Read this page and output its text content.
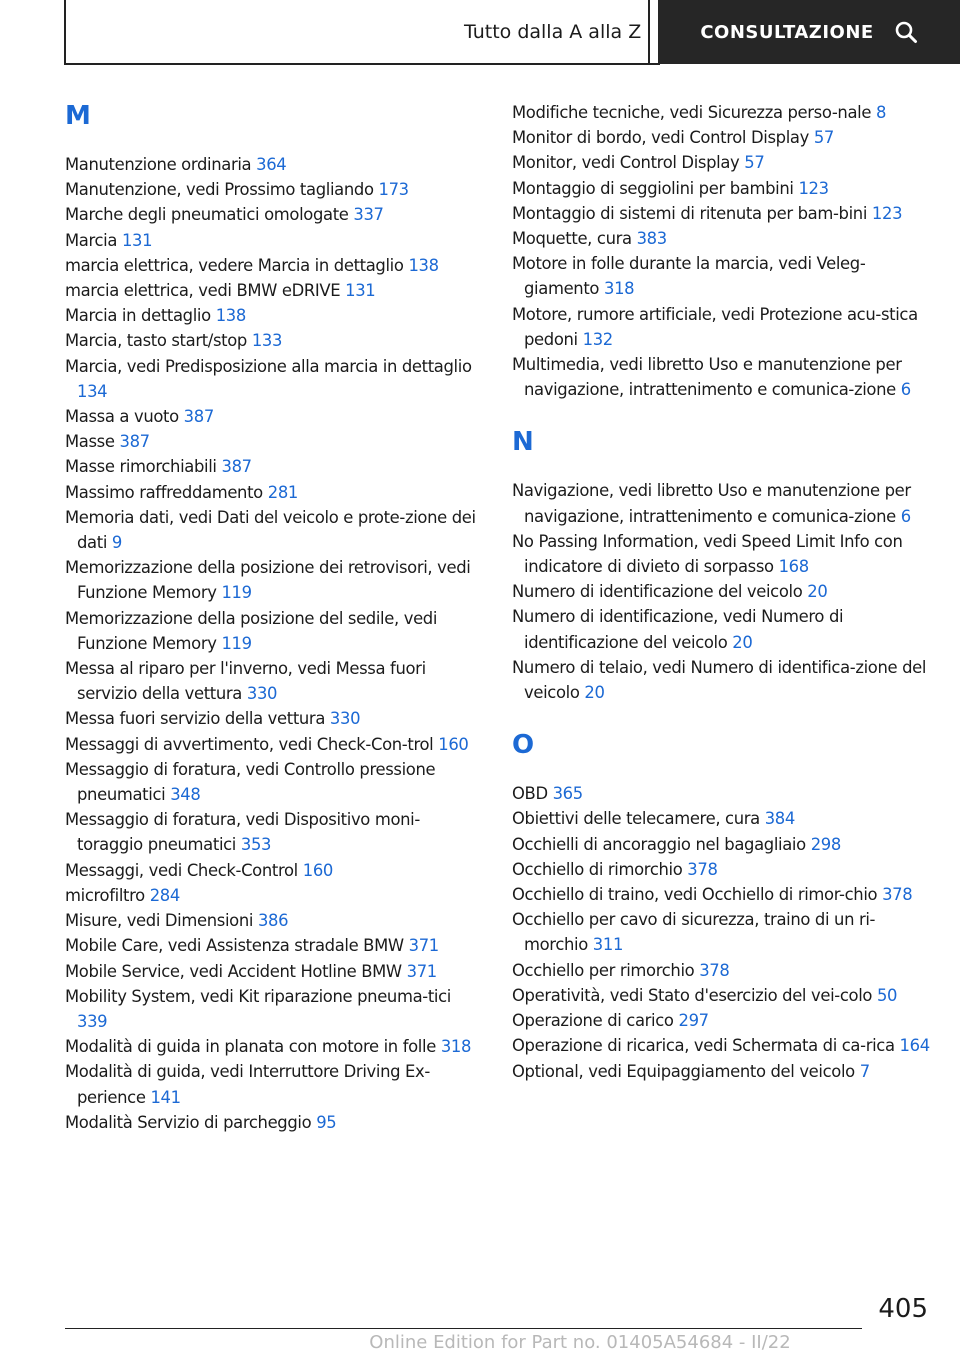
Tutto dalla A alla Z	CONSULTAZIONE
M
Manutenzione ordinaria 364
Manutenzione, vedi Prossimo tagliando 173
Marche degli pneumatici omologate 337
Marcia 131
marcia elettrica, vedere Marcia in dettaglio 138
marcia elettrica, vedi BMW eDRIVE 131
Marcia in dettaglio 138
Marcia, tasto start/stop 133
Marcia, vedi Predisposizione alla marcia in dettaglio 134
Massa a vuoto 387
Masse 387
Masse rimorchiabili 387
Massimo raffreddamento 281
Memoria dati, vedi Dati del veicolo e prote-zione dei dati 9
Memorizzazione della posizione dei retrovisori, vedi Funzione Memory 119
Memorizzazione della posizione del sedile, vedi Funzione Memory 119
Messa al riparo per l'inverno, vedi Messa fuori servizio della vettura 330
Messa fuori servizio della vettura 330
Messaggi di avvertimento, vedi Check-Con-trol 160
Messaggio di foratura, vedi Controllo pressione pneumatici 348
Messaggio di foratura, vedi Dispositivo moni-toraggio pneumatici 353
Messaggi, vedi Check-Control 160
microfiltro 284
Misure, vedi Dimensioni 386
Mobile Care, vedi Assistenza stradale BMW 371
Mobile Service, vedi Accident Hotline BMW 371
Mobility System, vedi Kit riparazione pneuma-tici 339
Modalità di guida in planata con motore in folle 318
Modalità di guida, vedi Interruttore Driving Ex-perience 141
Modalità Servizio di parcheggio 95
Modifiche tecniche, vedi Sicurezza perso-nale 8
Monitor di bordo, vedi Control Display 57
Monitor, vedi Control Display 57
Montaggio di seggiolini per bambini 123
Montaggio di sistemi di ritenuta per bam-bini 123
Moquette, cura 383
Motore in folle durante la marcia, vedi Veleg-giamento 318
Motore, rumore artificiale, vedi Protezione acu-stica pedoni 132
Multimedia, vedi libretto Uso e manutenzione per navigazione, intrattenimento e comunica-zione 6
N
Navigazione, vedi libretto Uso e manutenzione per navigazione, intrattenimento e comunica-zione 6
No Passing Information, vedi Speed Limit Info con indicatore di divieto di sorpasso 168
Numero di identificazione del veicolo 20
Numero di identificazione, vedi Numero di identificazione del veicolo 20
Numero di telaio, vedi Numero di identifica-zione del veicolo 20
O
OBD 365
Obiettivi delle telecamere, cura 384
Occhielli di ancoraggio nel bagagliaio 298
Occhiello di rimorchio 378
Occhiello di traino, vedi Occhiello di rimor-chio 378
Occhiello per cavo di sicurezza, traino di un ri-morchio 311
Occhiello per rimorchio 378
Operatività, vedi Stato d'esercizio del vei-colo 50
Operazione di carico 297
Operazione di ricarica, vedi Schermata di ca-rica 164
Optional, vedi Equipaggiamento del veicolo 7
405
Online Edition for Part no. 01405A54684 - II/22
